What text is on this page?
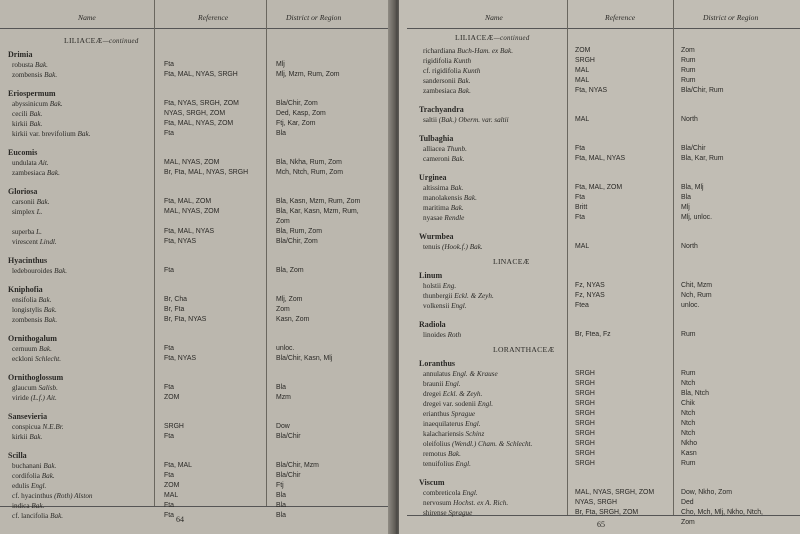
Name	Reference	District or Region
LILIACEÆ—continued
Drimia
robusta Bak.	Fta	Mlj
zombensis Bak.	Fta, MAL, NYAS, SRGH	Mlj, Mzm, Rum, Zom
Eriospermum
abyssinicum Bak.	Fta, NYAS, SRGH, ZOM	Bla/Chir, Zom
cecili Bak.	NYAS, SRGH, ZOM	Ded, Kasp, Zom
kirkii Bak.	Fta, MAL, NYAS, ZOM	Ftj, Kar, Zom
kirkii var. brevifolium Bak.	Fta	Bla
Eucomis
undulata Ait.	MAL, NYAS, ZOM	Bla, Nkha, Rum, Zom
zambesiaca Bak.	Br, Fta, MAL, NYAS, SRGH	Mch, Ntch, Rum, Zom
Gloriosa
carsonii Bak.	Fta, MAL, ZOM	Bla, Kasn, Mzm, Rum, Zom
simplex L.	MAL, NYAS, ZOM	Bla, Kar, Kasn, Mzm, Rum,
Zom
superba L.	Fta, MAL, NYAS	Bla, Rum, Zom
virescent Lindl.	Fta, NYAS	Bla/Chir, Zom
Hyacinthus
ledebouroides Bak.	Fta	Bla, Zom
Kniphofia
ensifolia Bak.	Br, Cha	Mlj, Zom
longistylis Bak.	Br, Fta	Zom
zombensis Bak.	Br, Fta, NYAS	Kasn, Zom
Ornithogalum
cernuum Bak.	Fta	unloc.
eckloni Schlecht.	Fta, NYAS	Bla/Chir, Kasn, Mlj
Ornithoglossum
glaucum Salisb.	Fta	Bla
viride (L.f.) Ait.	ZOM	Mzm
Sansevieria
conspicua N.E.Br.	SRGH	Dow
kirkii Bak.	Fta	Bla/Chir
Scilla
buchanani Bak.	Fta, MAL	Bla/Chir, Mzm
cordifolia Bak.	Fta	Bla/Chir
edulis Engl.	ZOM	Ftj
cf. hyacinthus (Roth) Alston	MAL	Bla
indica Bak.	Fta	Bla
cf. lancifolia Bak.	Fta	Bla
64
Name	Reference	District or Region
LILIACEÆ—continued
richardiana Buch-Ham. ex Bak.	ZOM	Zom
rigidifolia Kunth	SRGH	Rum
cf. rigidifolia Kunth	MAL	Rum
sandersonii Bak.	MAL	Rum
zambesiaca Bak.	Fta, NYAS	Bla/Chir, Rum
Trachyandra
saltii (Bak.) Oberm. var. saltii	MAL	North
Tulbaghia
alliacea Thunb.	Fta	Bla/Chir
cameroni Bak.	Fta, MAL, NYAS	Bla, Kar, Rum
Urginea
altissima Bak.	Fta, MAL, ZOM	Bla, Mlj
manolakensis Bak.	Fta	Bla
maritima Bak.	Britt	Mlj
nyasae Rendle	Fta	Mlj, unloc.
Wurmbea
tenuis (Hook.f.) Bak.	MAL	North
LINACEÆ
Linum
holstii Eng.	Fz, NYAS	Chit, Mzm
thunbergii Eckl. & Zeyh.	Fz, NYAS	Nch, Rum
volkensii Engl.	Ftea	unloc.
Radiola
linoides Roth	Br, Ftea, Fz	Rum
LORANTHACEÆ
Loranthus
annulatus Engl. & Krause	SRGH	Rum
braunii Engl.	SRGH	Ntch
dregei Eckl. & Zeyh.	SRGH	Bla, Ntch
dregei var. sodenii Engl.	SRGH	Chik
erianthus Sprague	SRGH	Ntch
inaequilaterus Engl.	SRGH	Ntch
kalachariensis Schinz	SRGH	Ntch
oleifolius (Wendl.) Cham. & Schlecht.	SRGH	Nkho
remotus Bak.	SRGH	Kasn
tenuifolius Engl.	SRGH	Rum
Viscum
combreticola Engl.	MAL, NYAS, SRGH, ZOM	Dow, Nkho, Zom
nervosum Hochst. ex A. Rich.	NYAS, SRGH	Ded
shirense Sprague	Br, Fta, SRGH, ZOM	Cho, Mch, Mlj, Nkho, Ntch,
Zom
65
